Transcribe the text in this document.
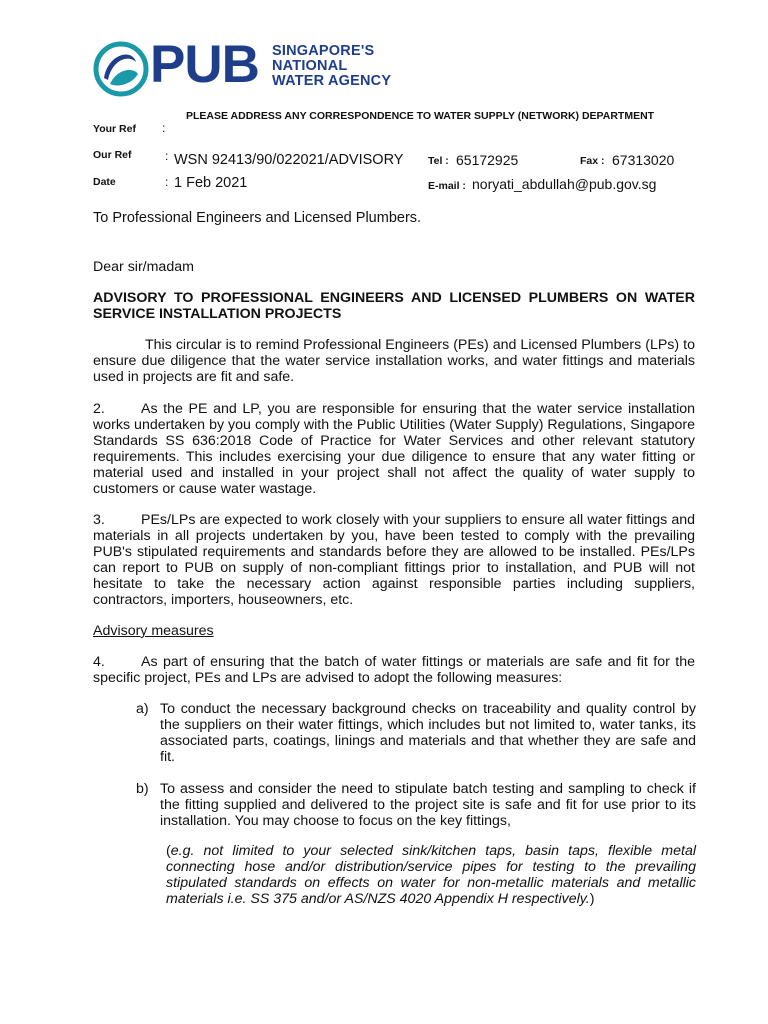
PUB SINGAPORE'S
NATIONAL
WATER AGENCY
PLEASE ADDRESS ANY CORRESPONDENCE TO WATER SUPPLY (NETWORK) DEPARTMENT
Your Ref :
Our Ref	: WSN 92413/90/022021/ADVISORY Tel : 65172925	Fax : 67313020
Date	: 1 Feb 2021	E-mail : noryati_abdullah@pub.gov.sg
To Professional Engineers and Licensed Plumbers.
Dear sir/madam
ADVISORY TO PROFESSIONAL ENGINEERS AND LICENSED PLUMBERS ON WATER SERVICE INSTALLATION PROJECTS
This circular is to remind Professional Engineers (PEs) and Licensed Plumbers (LPs) to ensure due diligence that the water service installation works, and water fittings and materials used in projects are fit and safe.
2.	As the PE and LP, you are responsible for ensuring that the water service installation works undertaken by you comply with the Public Utilities (Water Supply) Regulations, Singapore Standards SS 636:2018 Code of Practice for Water Services and other relevant statutory requirements. This includes exercising your due diligence to ensure that any water fitting or material used and installed in your project shall not affect the quality of water supply to customers or cause water wastage.
3.	PEs/LPs are expected to work closely with your suppliers to ensure all water fittings and materials in all projects undertaken by you, have been tested to comply with the prevailing PUB's stipulated requirements and standards before they are allowed to be installed. PEs/LPs can report to PUB on supply of non-compliant fittings prior to installation, and PUB will not hesitate to take the necessary action against responsible parties including suppliers, contractors, importers, houseowners, etc.
Advisory measures
4.	As part of ensuring that the batch of water fittings or materials are safe and fit for the specific project, PEs and LPs are advised to adopt the following measures:
a) To conduct the necessary background checks on traceability and quality control by the suppliers on their water fittings, which includes but not limited to, water tanks, its associated parts, coatings, linings and materials and that whether they are safe and fit.
b) To assess and consider the need to stipulate batch testing and sampling to check if the fitting supplied and delivered to the project site is safe and fit for use prior to its installation. You may choose to focus on the key fittings,
(e.g. not limited to your selected sink/kitchen taps, basin taps, flexible metal connecting hose and/or distribution/service pipes for testing to the prevailing stipulated standards on effects on water for non-metallic materials and metallic materials i.e. SS 375 and/or AS/NZS 4020 Appendix H respectively.)
